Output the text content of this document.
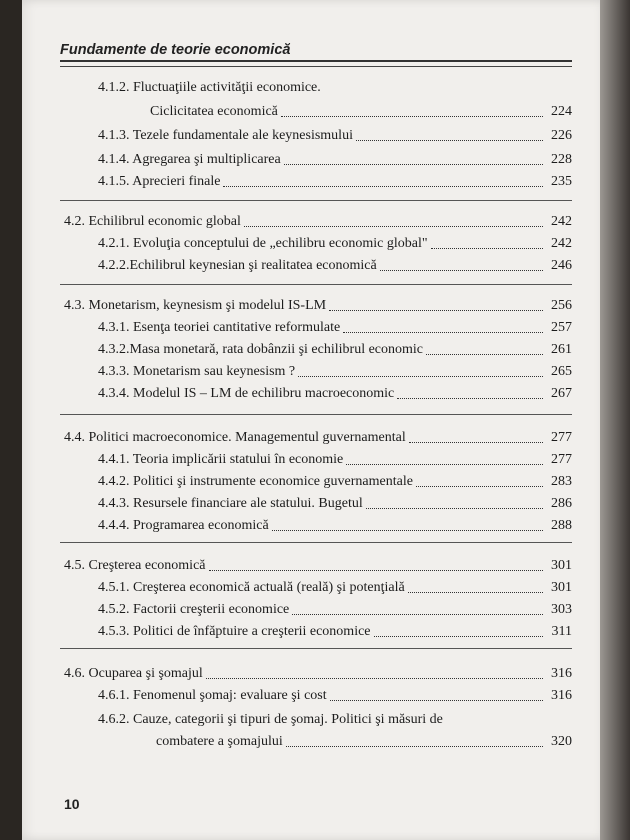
Fundamente de teorie economică
4.1.2. Fluctuaţiile activităţii economice.
Ciclicitatea economică	224
4.1.3. Tezele fundamentale ale keynesismului	226
4.1.4. Agregarea şi multiplicarea	228
4.1.5. Aprecieri finale	235
4.2. Echilibrul economic global	242
4.2.1. Evoluţia conceptului de „echilibru economic global"	242
4.2.2.Echilibrul keynesian şi realitatea economică	246
4.3. Monetarism, keynesism şi modelul IS-LM	256
4.3.1. Esenţa teoriei cantitative reformulate	257
4.3.2.Masa monetară, rata dobânzii şi echilibrul economic	261
4.3.3. Monetarism sau keynesism ?	265
4.3.4. Modelul IS – LM de echilibru macroeconomic	267
4.4. Politici macroeconomice. Managementul guvernamental	277
4.4.1. Teoria implicării statului în economie	277
4.4.2. Politici şi instrumente economice guvernamentale	283
4.4.3. Resursele financiare ale statului. Bugetul	286
4.4.4. Programarea economică	288
4.5. Creşterea economică	301
4.5.1. Creşterea economică actuală (reală) şi potenţială	301
4.5.2. Factorii creşterii economice	303
4.5.3. Politici de înfăptuire a creşterii economice	311
4.6. Ocuparea şi şomajul	316
4.6.1. Fenomenul şomaj: evaluare şi cost	316
4.6.2. Cauze, categorii şi tipuri de şomaj. Politici şi măsuri de
combatere a şomajului	320
10
